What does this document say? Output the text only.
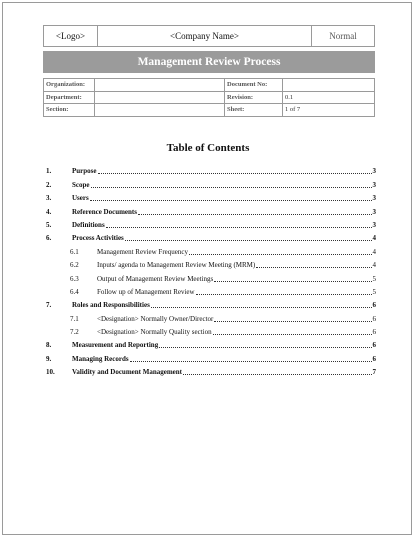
<Logo>	<Company Name>	Normal
Management Review Process
Organization:		Document No:	
Department:		Revision:	0.1
Section:		Sheet:	1 of 7
Table of Contents
1.	Purpose	3
2.	Scope	3
3.	Users	3
4.	Reference Documents	3
5.	Definitions	3
6.	Process Activities	4
6.1	Management Review Frequency	4
6.2	Inputs/ agenda to Management Review Meeting (MRM)	4
6.3	Output of Management Review Meetings	5
6.4	Follow up of Management Review	5
7.	Roles and Responsibilities	6
7.1	<Designation> Normally Owner/Director	6
7.2	<Designation> Normally Quality section	6
8.	Measurement and Reporting	6
9.	Managing Records	6
10. Validity and Document Management	7
